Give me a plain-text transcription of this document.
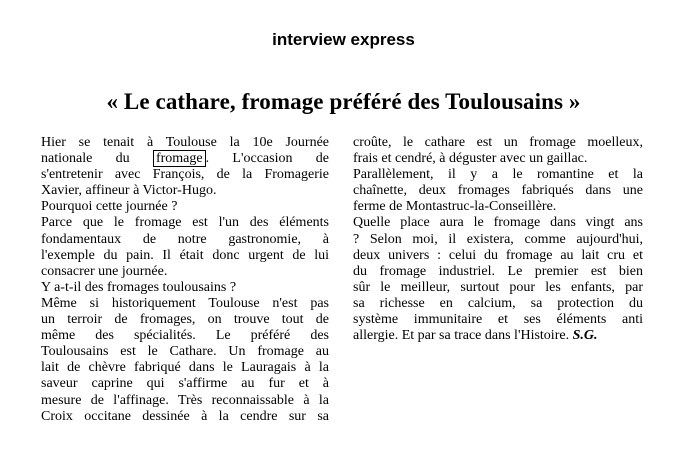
interview express
« Le cathare, fromage préféré des Toulousains »
Hier se tenait à Toulouse la 10e Journée
nationale du fromage . L'occasion de
s'entretenir avec François, de la Fromagerie
Xavier, affineur à Victor-Hugo.
Pourquoi cette journée ?
Parce que le fromage est l'un des éléments
fondamentaux de notre gastronomie, à
l'exemple du pain. Il était donc urgent de lui
consacrer une journée.
Y a-t-il des fromages toulousains ?
Même si historiquement Toulouse n'est pas
un terroir de fromages, on trouve tout de
même des spécialités. Le préféré des
Toulousains est le Cathare. Un fromage au
lait de chèvre fabriqué dans le Lauragais à la
saveur caprine qui s'affirme au fur et à
mesure de l'affinage. Très reconnaissable à la
Croix occitane dessinée à la cendre sur sa
croûte, le cathare est un fromage moelleux,
frais et cendré, à déguster avec un gaillac.
Parallèlement, il y a le romantine et la
chaînette, deux fromages fabriqués dans une
ferme de Montastruc-la-Conseillère.
Quelle place aura le fromage dans vingt ans
? Selon moi, il existera, comme aujourd'hui,
deux univers : celui du fromage au lait cru et
du fromage industriel. Le premier est bien
sûr le meilleur, surtout pour les enfants, par
sa richesse en calcium, sa protection du
système immunitaire et ses éléments anti
allergie. Et par sa trace dans l'Histoire. S.G.
